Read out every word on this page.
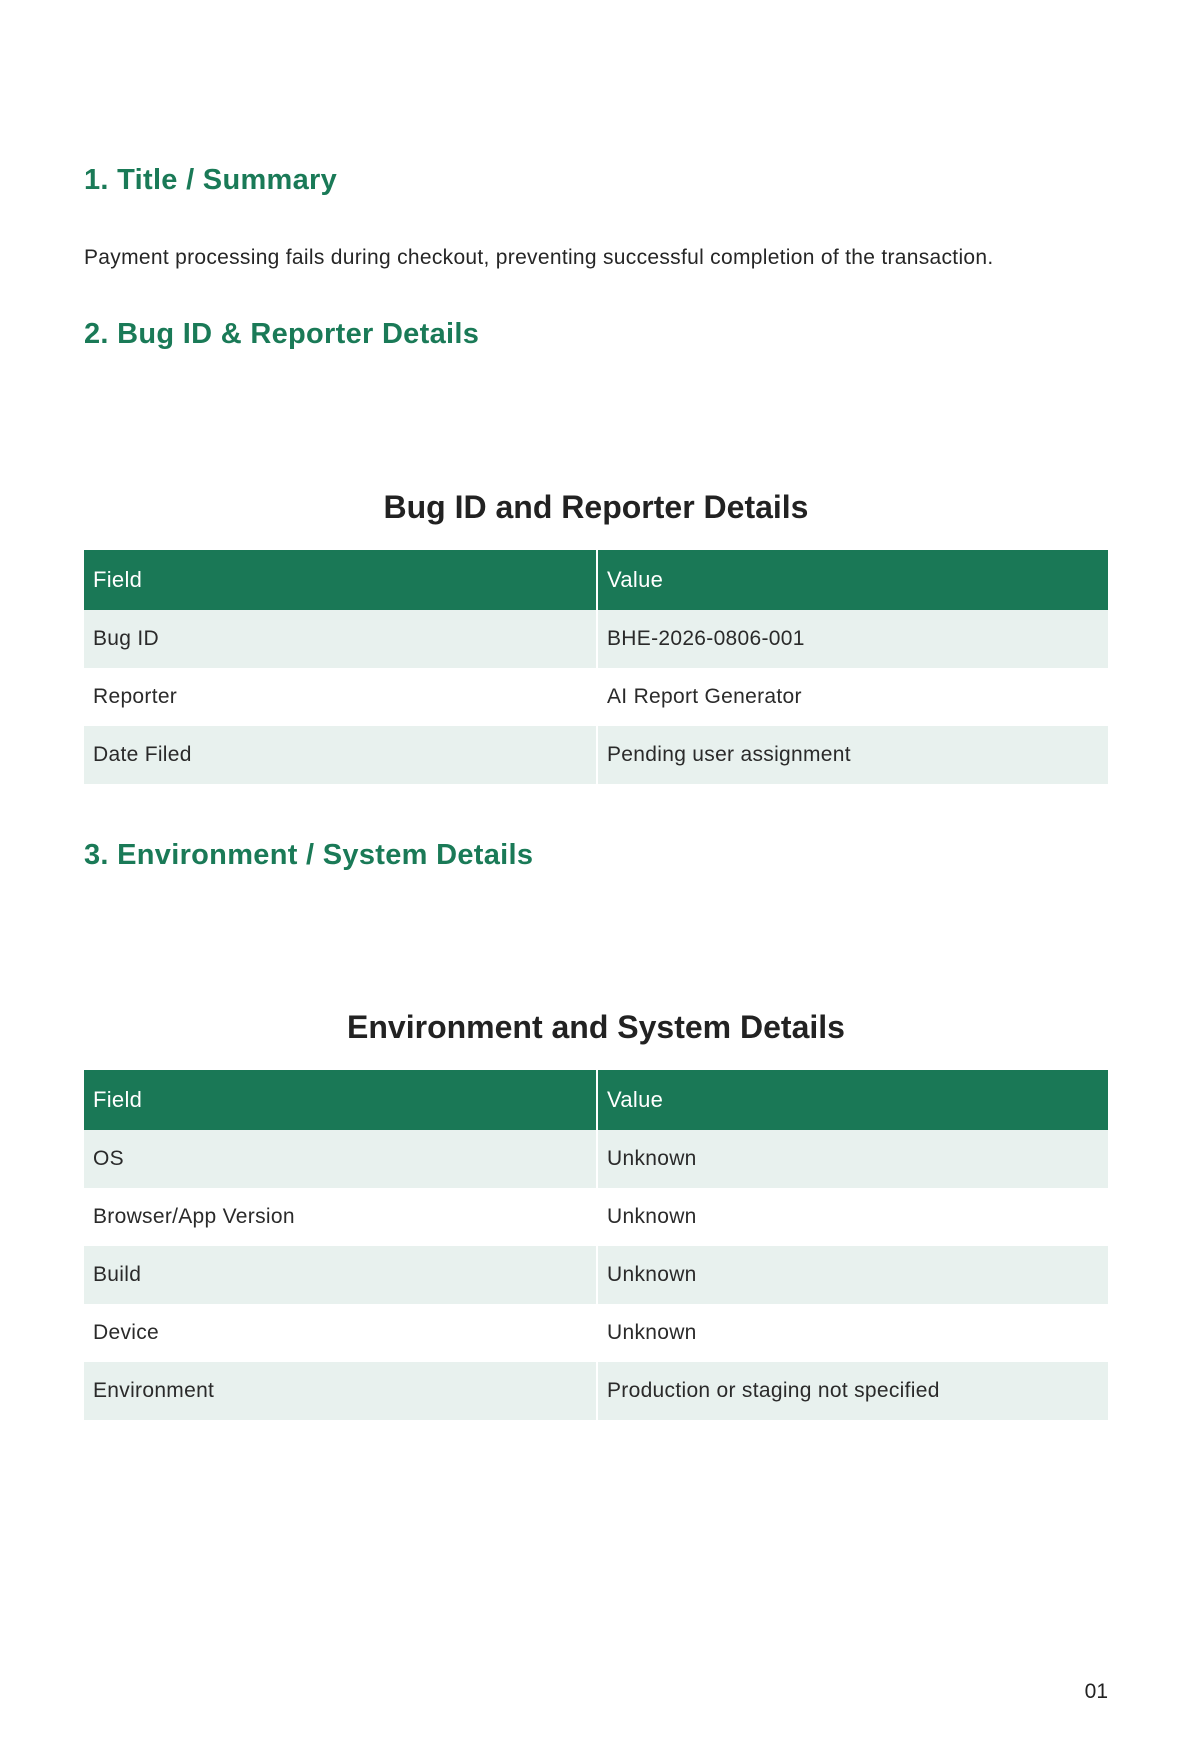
1. Title / Summary

Payment processing fails during checkout, preventing successful completion of the transaction.

2. Bug ID & Reporter Details
Bug ID and Reporter Details
Field	Value
Bug ID	BHE-2026-0806-001
Reporter	AI Report Generator
Date Filed	Pending user assignment
3. Environment / System Details
Environment and System Details
Field	Value
OS	Unknown
Browser/App Version	Unknown
Build	Unknown
Device	Unknown
Environment	Production or staging not specified

01
